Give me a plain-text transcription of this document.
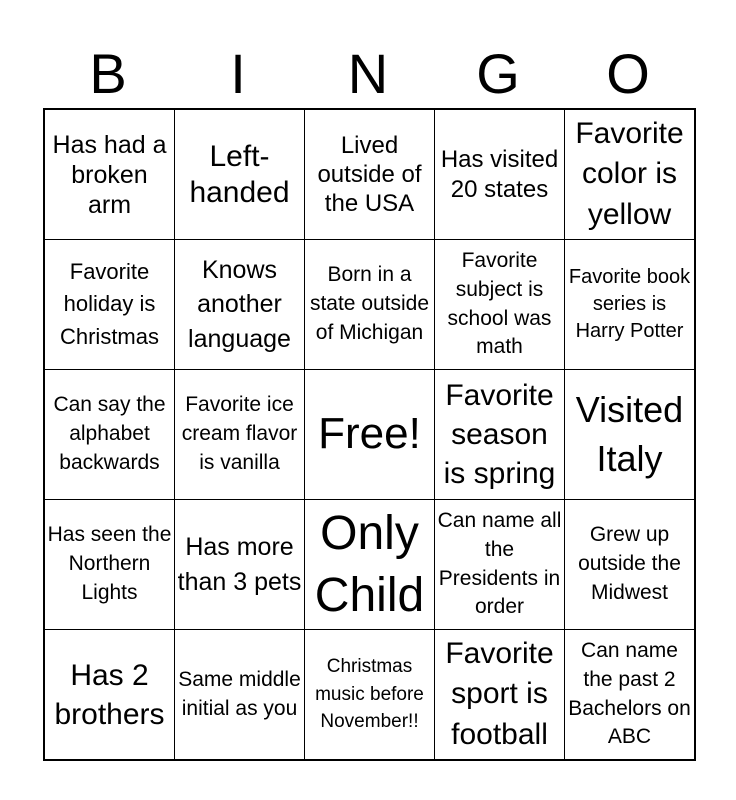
B	I	N	G	O
Has had a broken arm	Left-handed	Lived outside of the USA	Has visited 20 states	Favorite color is yellow

Favorite holiday is Christmas	Knows another language	Born in a state outside of Michigan	Favorite subject is school was math	Favorite book series is Harry Potter

Can say the alphabet backwards	Favorite ice cream flavor is vanilla	Free!	Favorite season is spring	Visited Italy

Has seen the Northern Lights	Has more than 3 pets	Only Child	Can name all the Presidents in order	Grew up outside the Midwest

Has 2 brothers	Same middle initial as you	Christmas music before November!!	Favorite sport is football	Can name the past 2 Bachelors on ABC
